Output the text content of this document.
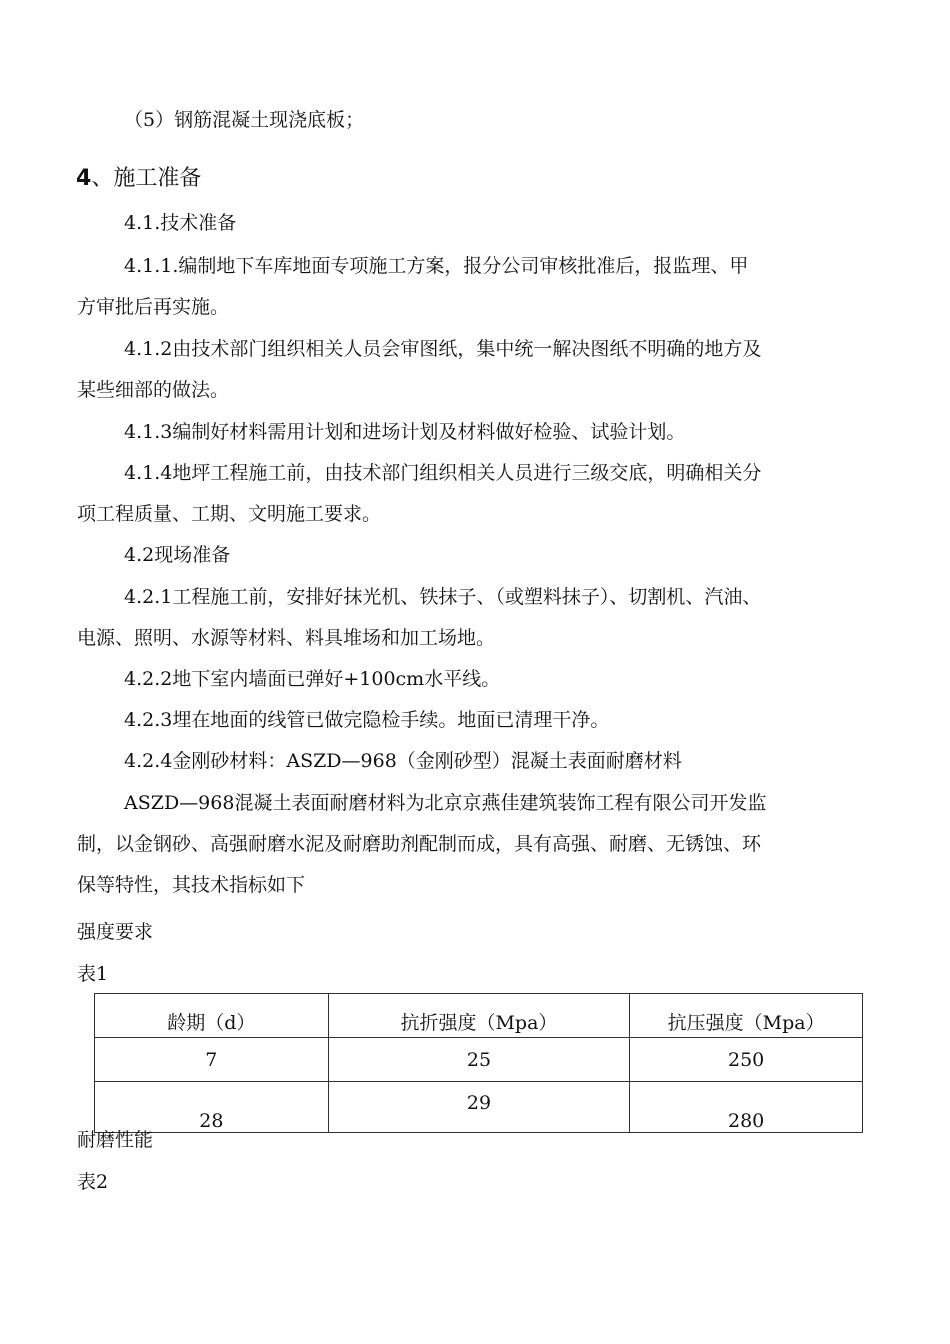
（5）钢筋混凝土现浇底板；
4、施工准备
4.1.技术准备
4.1.1.编制地下车库地面专项施工方案，报分公司审核批准后，报监理、甲
方审批后再实施。
4.1.2由技术部门组织相关人员会审图纸，集中统一解决图纸不明确的地方及
某些细部的做法。
4.1.3编制好材料需用计划和进场计划及材料做好检验、试验计划。
4.1.4地坪工程施工前，由技术部门组织相关人员进行三级交底，明确相关分
项工程质量、工期、文明施工要求。
4.2现场准备
4.2.1工程施工前，安排好抹光机、铁抹子、（或塑料抹子）、切割机、汽油、
电源、照明、水源等材料、料具堆场和加工场地。
4.2.2地下室内墙面已弹好+100cm水平线。
4.2.3埋在地面的线管已做完隐检手续。地面已清理干净。
4.2.4金刚砂材料：ASZD—968（金刚砂型）混凝土表面耐磨材料
ASZD—968混凝土表面耐磨材料为北京京燕佳建筑装饰工程有限公司开发监
制，以金钢砂、高强耐磨水泥及耐磨助剂配制而成，具有高强、耐磨、无锈蚀、环
保等特性，其技术指标如下
强度要求
表1
龄期（d）	抗折强度（Mpa）	抗压强度（Mpa）
7	25	250
28	29	280
耐磨性能
表2
